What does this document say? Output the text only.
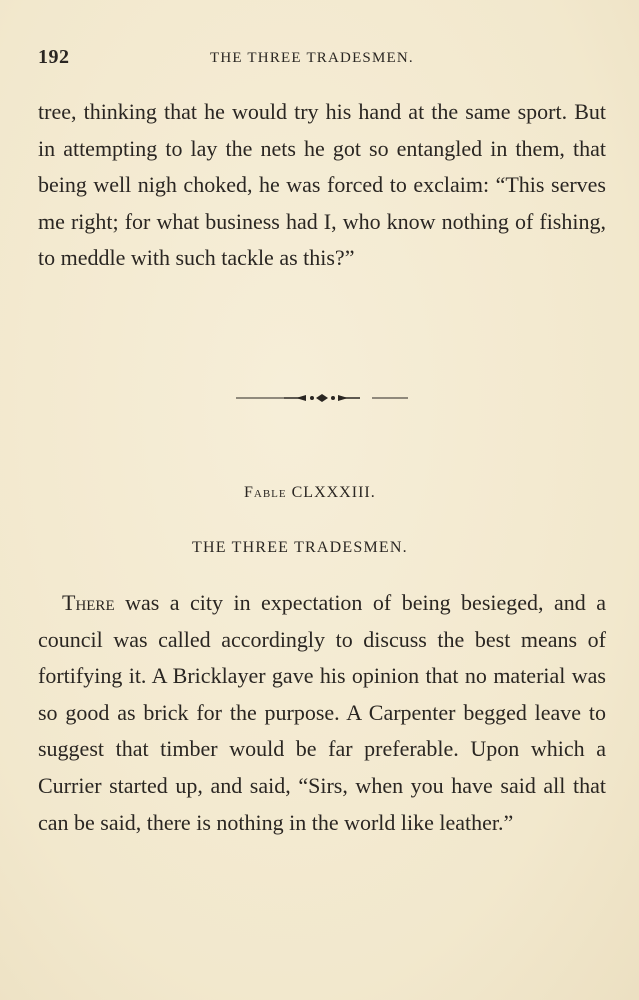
192	THE THREE TRADESMEN.

tree, thinking that he would try his hand at the same sport. But in attempting to lay the nets he got so entangled in them, that being well nigh choked, he was forced to exclaim: “This serves me right; for what business had I, who know nothing of fishing, to meddle with such tackle as this?”

Fable CLXXXIII.
THE THREE TRADESMEN.

There was a city in expectation of being besieged, and a council was called accordingly to discuss the best means of fortifying it. A Bricklayer gave his opinion that no material was so good as brick for the purpose. A Carpenter begged leave to suggest that timber would be far preferable. Upon which a Currier started up, and said, “Sirs, when you have said all that can be said, there is nothing in the world like leather.”
